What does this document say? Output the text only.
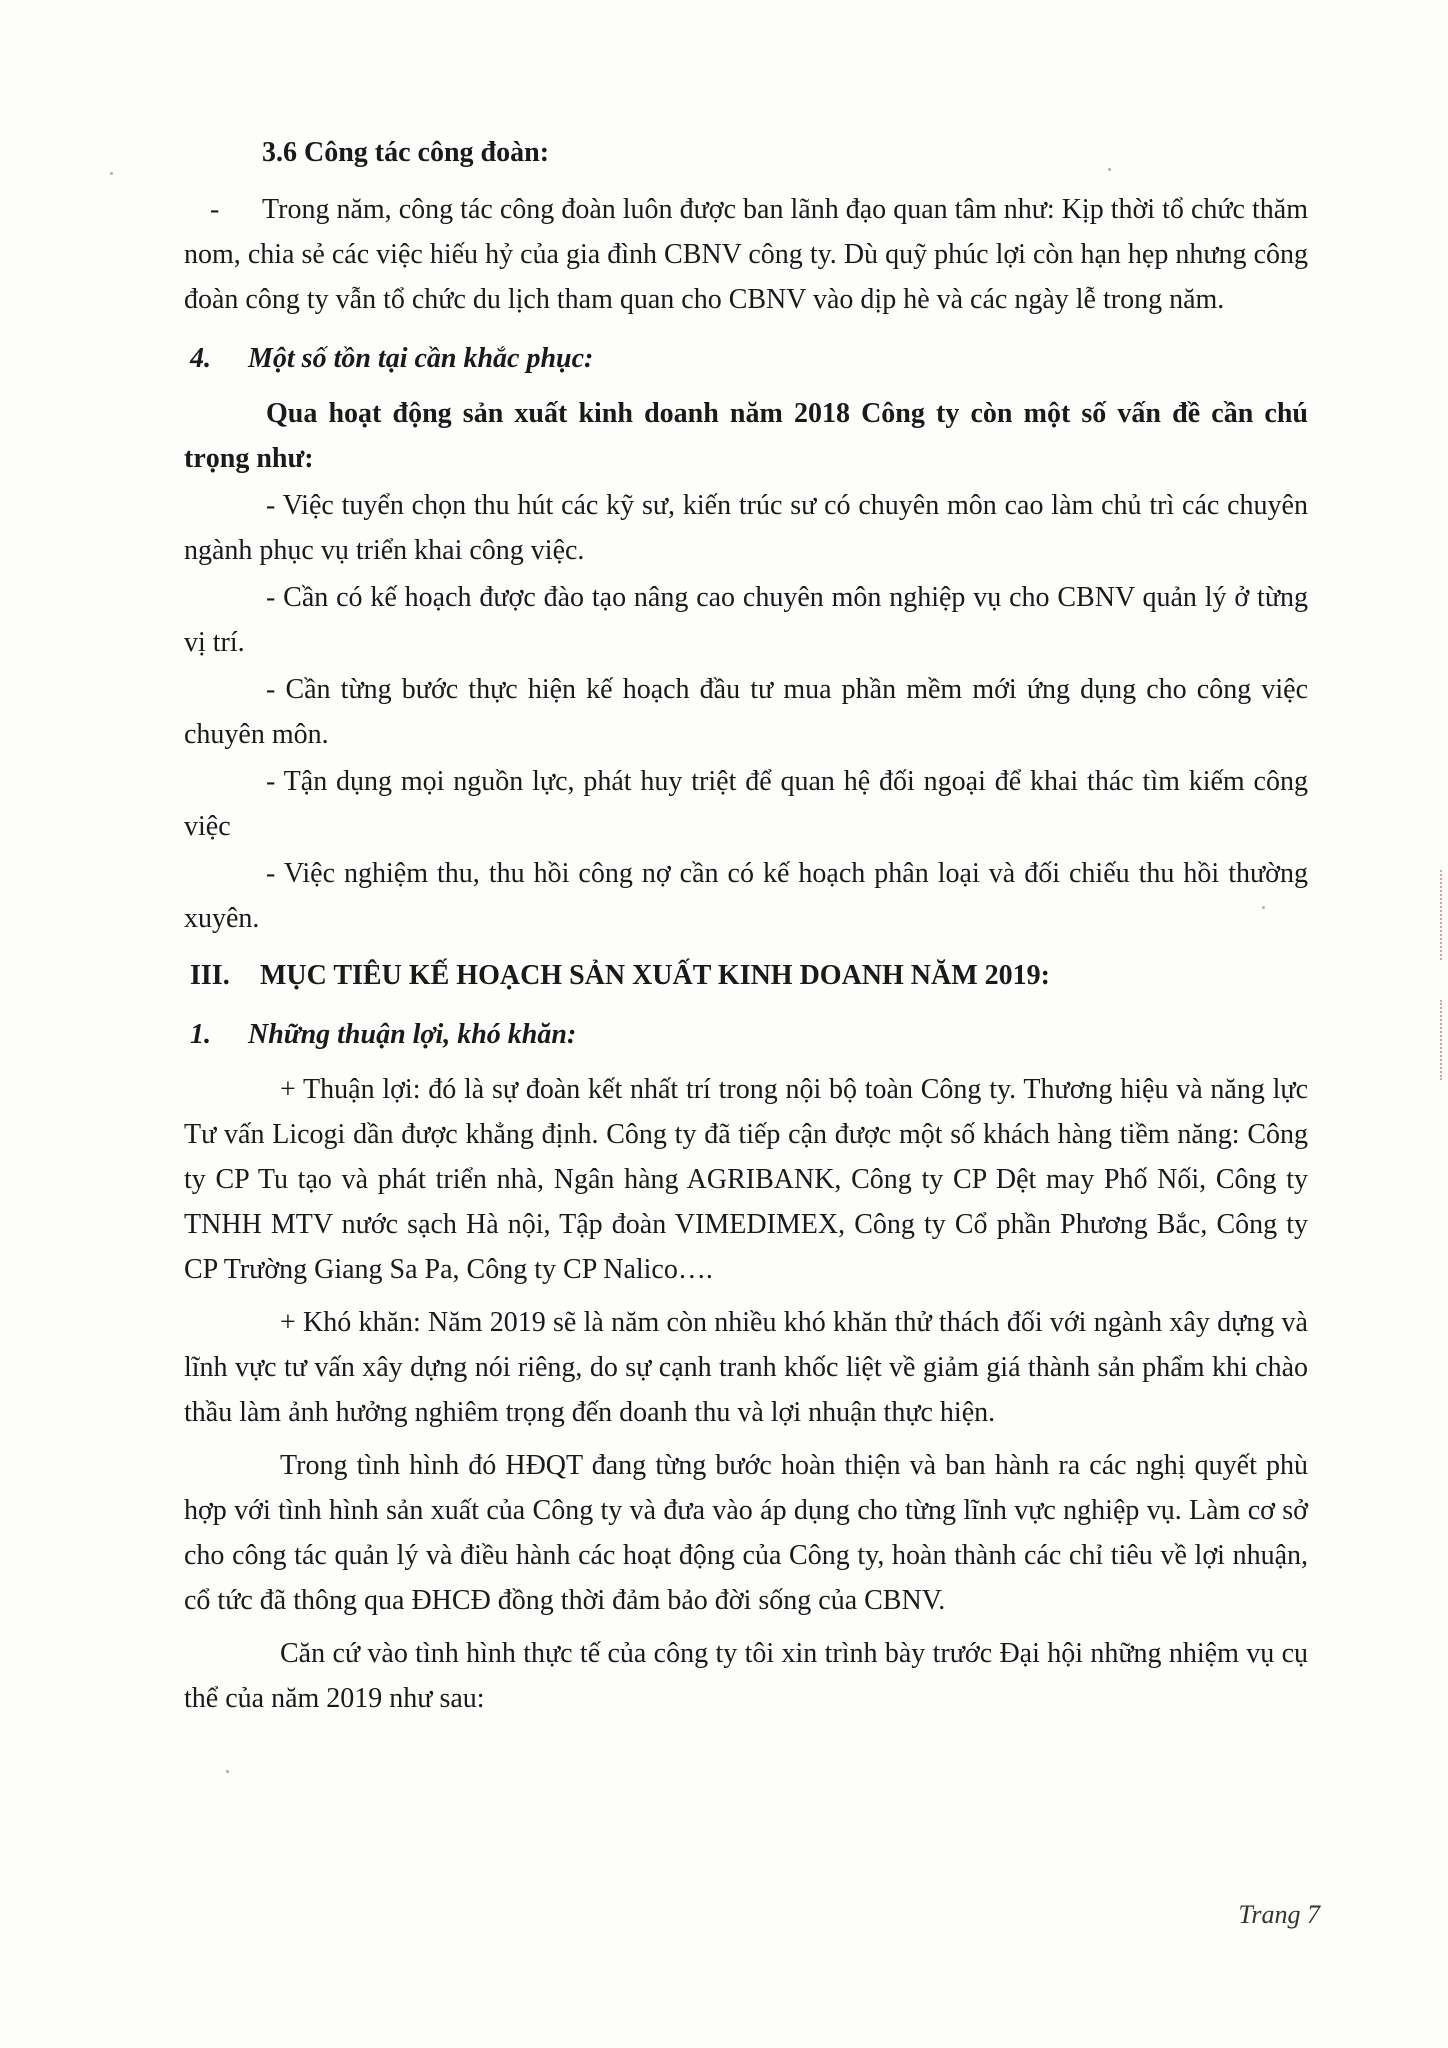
3.6 Công tác công đoàn:

- Trong năm, công tác công đoàn luôn được ban lãnh đạo quan tâm như: Kịp thời tổ chức thăm nom, chia sẻ các việc hiếu hỷ của gia đình CBNV công ty. Dù quỹ phúc lợi còn hạn hẹp nhưng công đoàn công ty vẫn tổ chức du lịch tham quan cho CBNV vào dịp hè và các ngày lễ trong năm.

4. Một số tồn tại cần khắc phục:

Qua hoạt động sản xuất kinh doanh năm 2018 Công ty còn một số vấn đề cần chú trọng như:

- Việc tuyển chọn thu hút các kỹ sư, kiến trúc sư có chuyên môn cao làm chủ trì các chuyên ngành phục vụ triển khai công việc.

- Cần có kế hoạch được đào tạo nâng cao chuyên môn nghiệp vụ cho CBNV quản lý ở từng vị trí.

- Cần từng bước thực hiện kế hoạch đầu tư mua phần mềm mới ứng dụng cho công việc chuyên môn.

- Tận dụng mọi nguồn lực, phát huy triệt để quan hệ đối ngoại để khai thác tìm kiếm công việc

- Việc nghiệm thu, thu hồi công nợ cần có kế hoạch phân loại và đối chiếu thu hồi thường xuyên.

III. MỤC TIÊU KẾ HOẠCH SẢN XUẤT KINH DOANH NĂM 2019:

1. Những thuận lợi, khó khăn:

+ Thuận lợi: đó là sự đoàn kết nhất trí trong nội bộ toàn Công ty. Thương hiệu và năng lực Tư vấn Licogi dần được khẳng định. Công ty đã tiếp cận được một số khách hàng tiềm năng: Công ty CP Tu tạo và phát triển nhà, Ngân hàng AGRIBANK, Công ty CP Dệt may Phố Nối, Công ty TNHH MTV nước sạch Hà nội, Tập đoàn VIMEDIMEX, Công ty Cổ phần Phương Bắc, Công ty CP Trường Giang Sa Pa, Công ty CP Nalico….

+ Khó khăn: Năm 2019 sẽ là năm còn nhiều khó khăn thử thách đối với ngành xây dựng và lĩnh vực tư vấn xây dựng nói riêng, do sự cạnh tranh khốc liệt về giảm giá thành sản phẩm khi chào thầu làm ảnh hưởng nghiêm trọng đến doanh thu và lợi nhuận thực hiện.

Trong tình hình đó HĐQT đang từng bước hoàn thiện và ban hành ra các nghị quyết phù hợp với tình hình sản xuất của Công ty và đưa vào áp dụng cho từng lĩnh vực nghiệp vụ. Làm cơ sở cho công tác quản lý và điều hành các hoạt động của Công ty, hoàn thành các chỉ tiêu về lợi nhuận, cổ tức đã thông qua ĐHCĐ đồng thời đảm bảo đời sống của CBNV.

Căn cứ vào tình hình thực tế của công ty tôi xin trình bày trước Đại hội những nhiệm vụ cụ thể của năm 2019 như sau:

Trang 7
